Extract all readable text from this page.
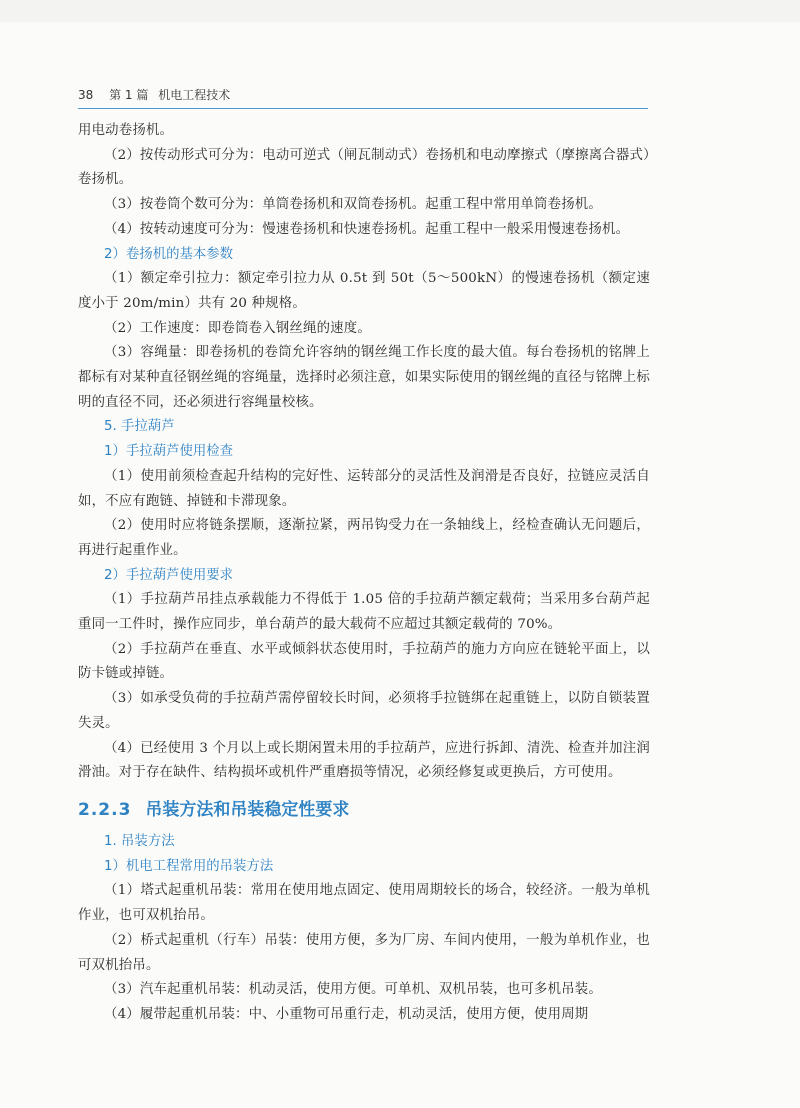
38 第 1 篇 机电工程技术

用电动卷扬机。

（2）按传动形式可分为：电动可逆式（闸瓦制动式）卷扬机和电动摩擦式（摩擦离合器式）卷扬机。

（3）按卷筒个数可分为：单筒卷扬机和双筒卷扬机。起重工程中常用单筒卷扬机。

（4）按转动速度可分为：慢速卷扬机和快速卷扬机。起重工程中一般采用慢速卷扬机。

2）卷扬机的基本参数

（1）额定牵引拉力：额定牵引拉力从 0.5t 到 50t（5～500kN）的慢速卷扬机（额定速度小于 20m/min）共有 20 种规格。

（2）工作速度：即卷筒卷入钢丝绳的速度。

（3）容绳量：即卷扬机的卷筒允许容纳的钢丝绳工作长度的最大值。每台卷扬机的铭牌上都标有对某种直径钢丝绳的容绳量，选择时必须注意，如果实际使用的钢丝绳的直径与铭牌上标明的直径不同，还必须进行容绳量校核。

5. 手拉葫芦
1）手拉葫芦使用检查

（1）使用前须检查起升结构的完好性、运转部分的灵活性及润滑是否良好，拉链应灵活自如，不应有跑链、掉链和卡滞现象。

（2）使用时应将链条摆顺，逐渐拉紧，两吊钩受力在一条轴线上，经检查确认无问题后，再进行起重作业。

2）手拉葫芦使用要求

（1）手拉葫芦吊挂点承载能力不得低于 1.05 倍的手拉葫芦额定载荷；当采用多台葫芦起重同一工件时，操作应同步，单台葫芦的最大载荷不应超过其额定载荷的 70%。

（2）手拉葫芦在垂直、水平或倾斜状态使用时，手拉葫芦的施力方向应在链轮平面上，以防卡链或掉链。

（3）如承受负荷的手拉葫芦需停留较长时间，必须将手拉链绑在起重链上，以防自锁装置失灵。

（4）已经使用 3 个月以上或长期闲置未用的手拉葫芦，应进行拆卸、清洗、检查并加注润滑油。对于存在缺件、结构损坏或机件严重磨损等情况，必须经修复或更换后，方可使用。

2.2.3 吊装方法和吊装稳定性要求
1. 吊装方法
1）机电工程常用的吊装方法

（1）塔式起重机吊装：常用在使用地点固定、使用周期较长的场合，较经济。一般为单机作业，也可双机抬吊。

（2）桥式起重机（行车）吊装：使用方便，多为厂房、车间内使用，一般为单机作业，也可双机抬吊。

（3）汽车起重机吊装：机动灵活，使用方便。可单机、双机吊装，也可多机吊装。

（4）履带起重机吊装：中、小重物可吊重行走，机动灵活，使用方便，使用周期
